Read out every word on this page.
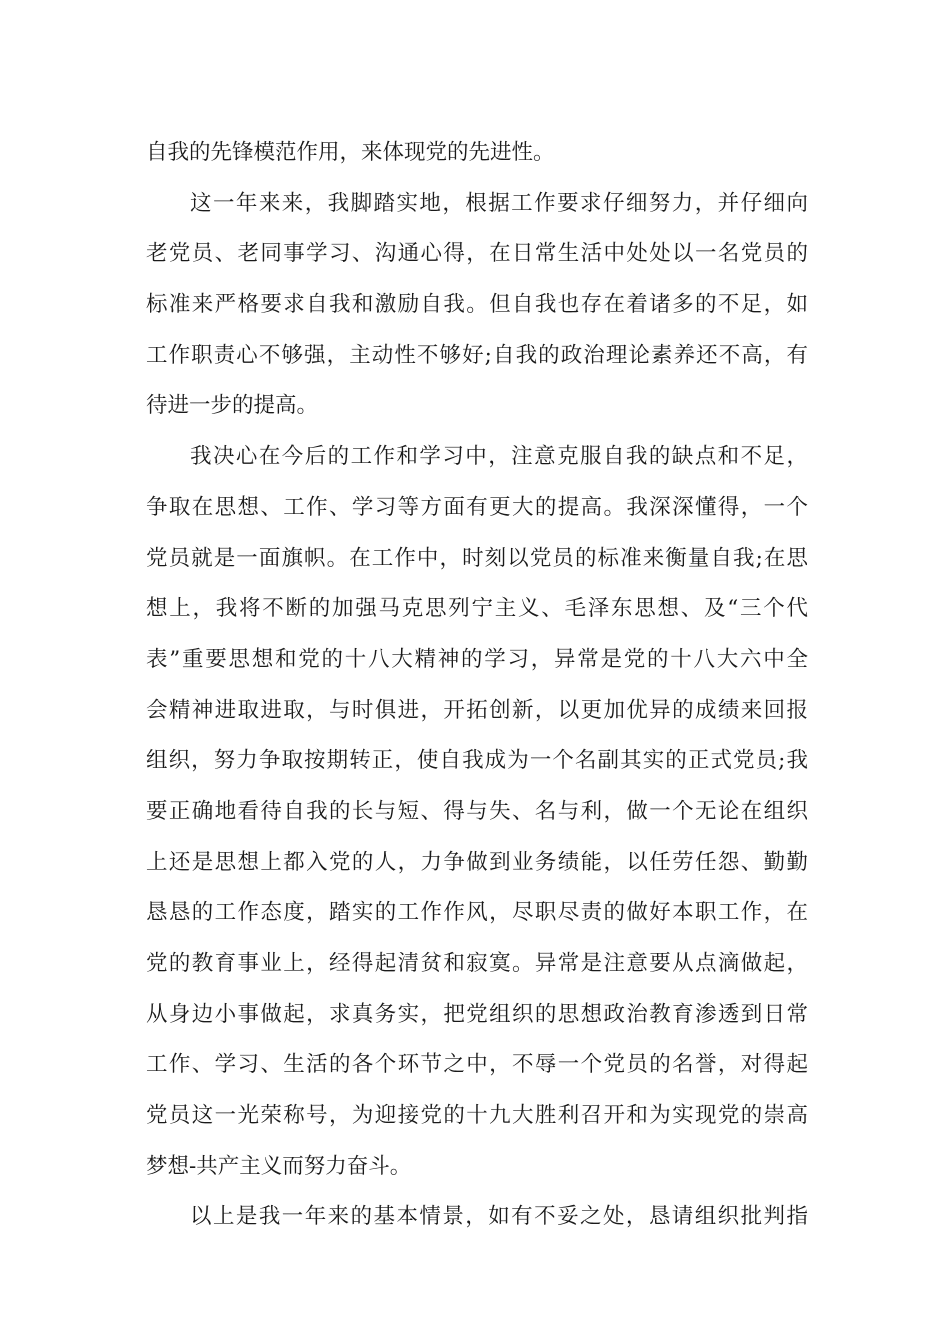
自我的先锋模范作用，来体现党的先进性。
这一年来来，我脚踏实地，根据工作要求仔细努力，并仔细向
老党员、老同事学习、沟通心得，在日常生活中处处以一名党员的
标准来严格要求自我和激励自我。但自我也存在着诸多的不足，如
工作职责心不够强，主动性不够好;自我的政治理论素养还不高，有
待进一步的提高。
我决心在今后的工作和学习中，注意克服自我的缺点和不足，
争取在思想、工作、学习等方面有更大的提高。我深深懂得，一个
党员就是一面旗帜。在工作中，时刻以党员的标准来衡量自我;在思
想上，我将不断的加强马克思列宁主义、毛泽东思想、及“三个代
表”重要思想和党的十八大精神的学习，异常是党的十八大六中全
会精神进取进取，与时俱进，开拓创新，以更加优异的成绩来回报
组织，努力争取按期转正，使自我成为一个名副其实的正式党员;我
要正确地看待自我的长与短、得与失、名与利，做一个无论在组织
上还是思想上都入党的人，力争做到业务绩能，以任劳任怨、勤勤
恳恳的工作态度，踏实的工作作风，尽职尽责的做好本职工作，在
党的教育事业上，经得起清贫和寂寞。异常是注意要从点滴做起，
从身边小事做起，求真务实，把党组织的思想政治教育渗透到日常
工作、学习、生活的各个环节之中，不辱一个党员的名誉，对得起
党员这一光荣称号，为迎接党的十九大胜利召开和为实现党的崇高
梦想-共产主义而努力奋斗。
以上是我一年来的基本情景，如有不妥之处，恳请组织批判指
